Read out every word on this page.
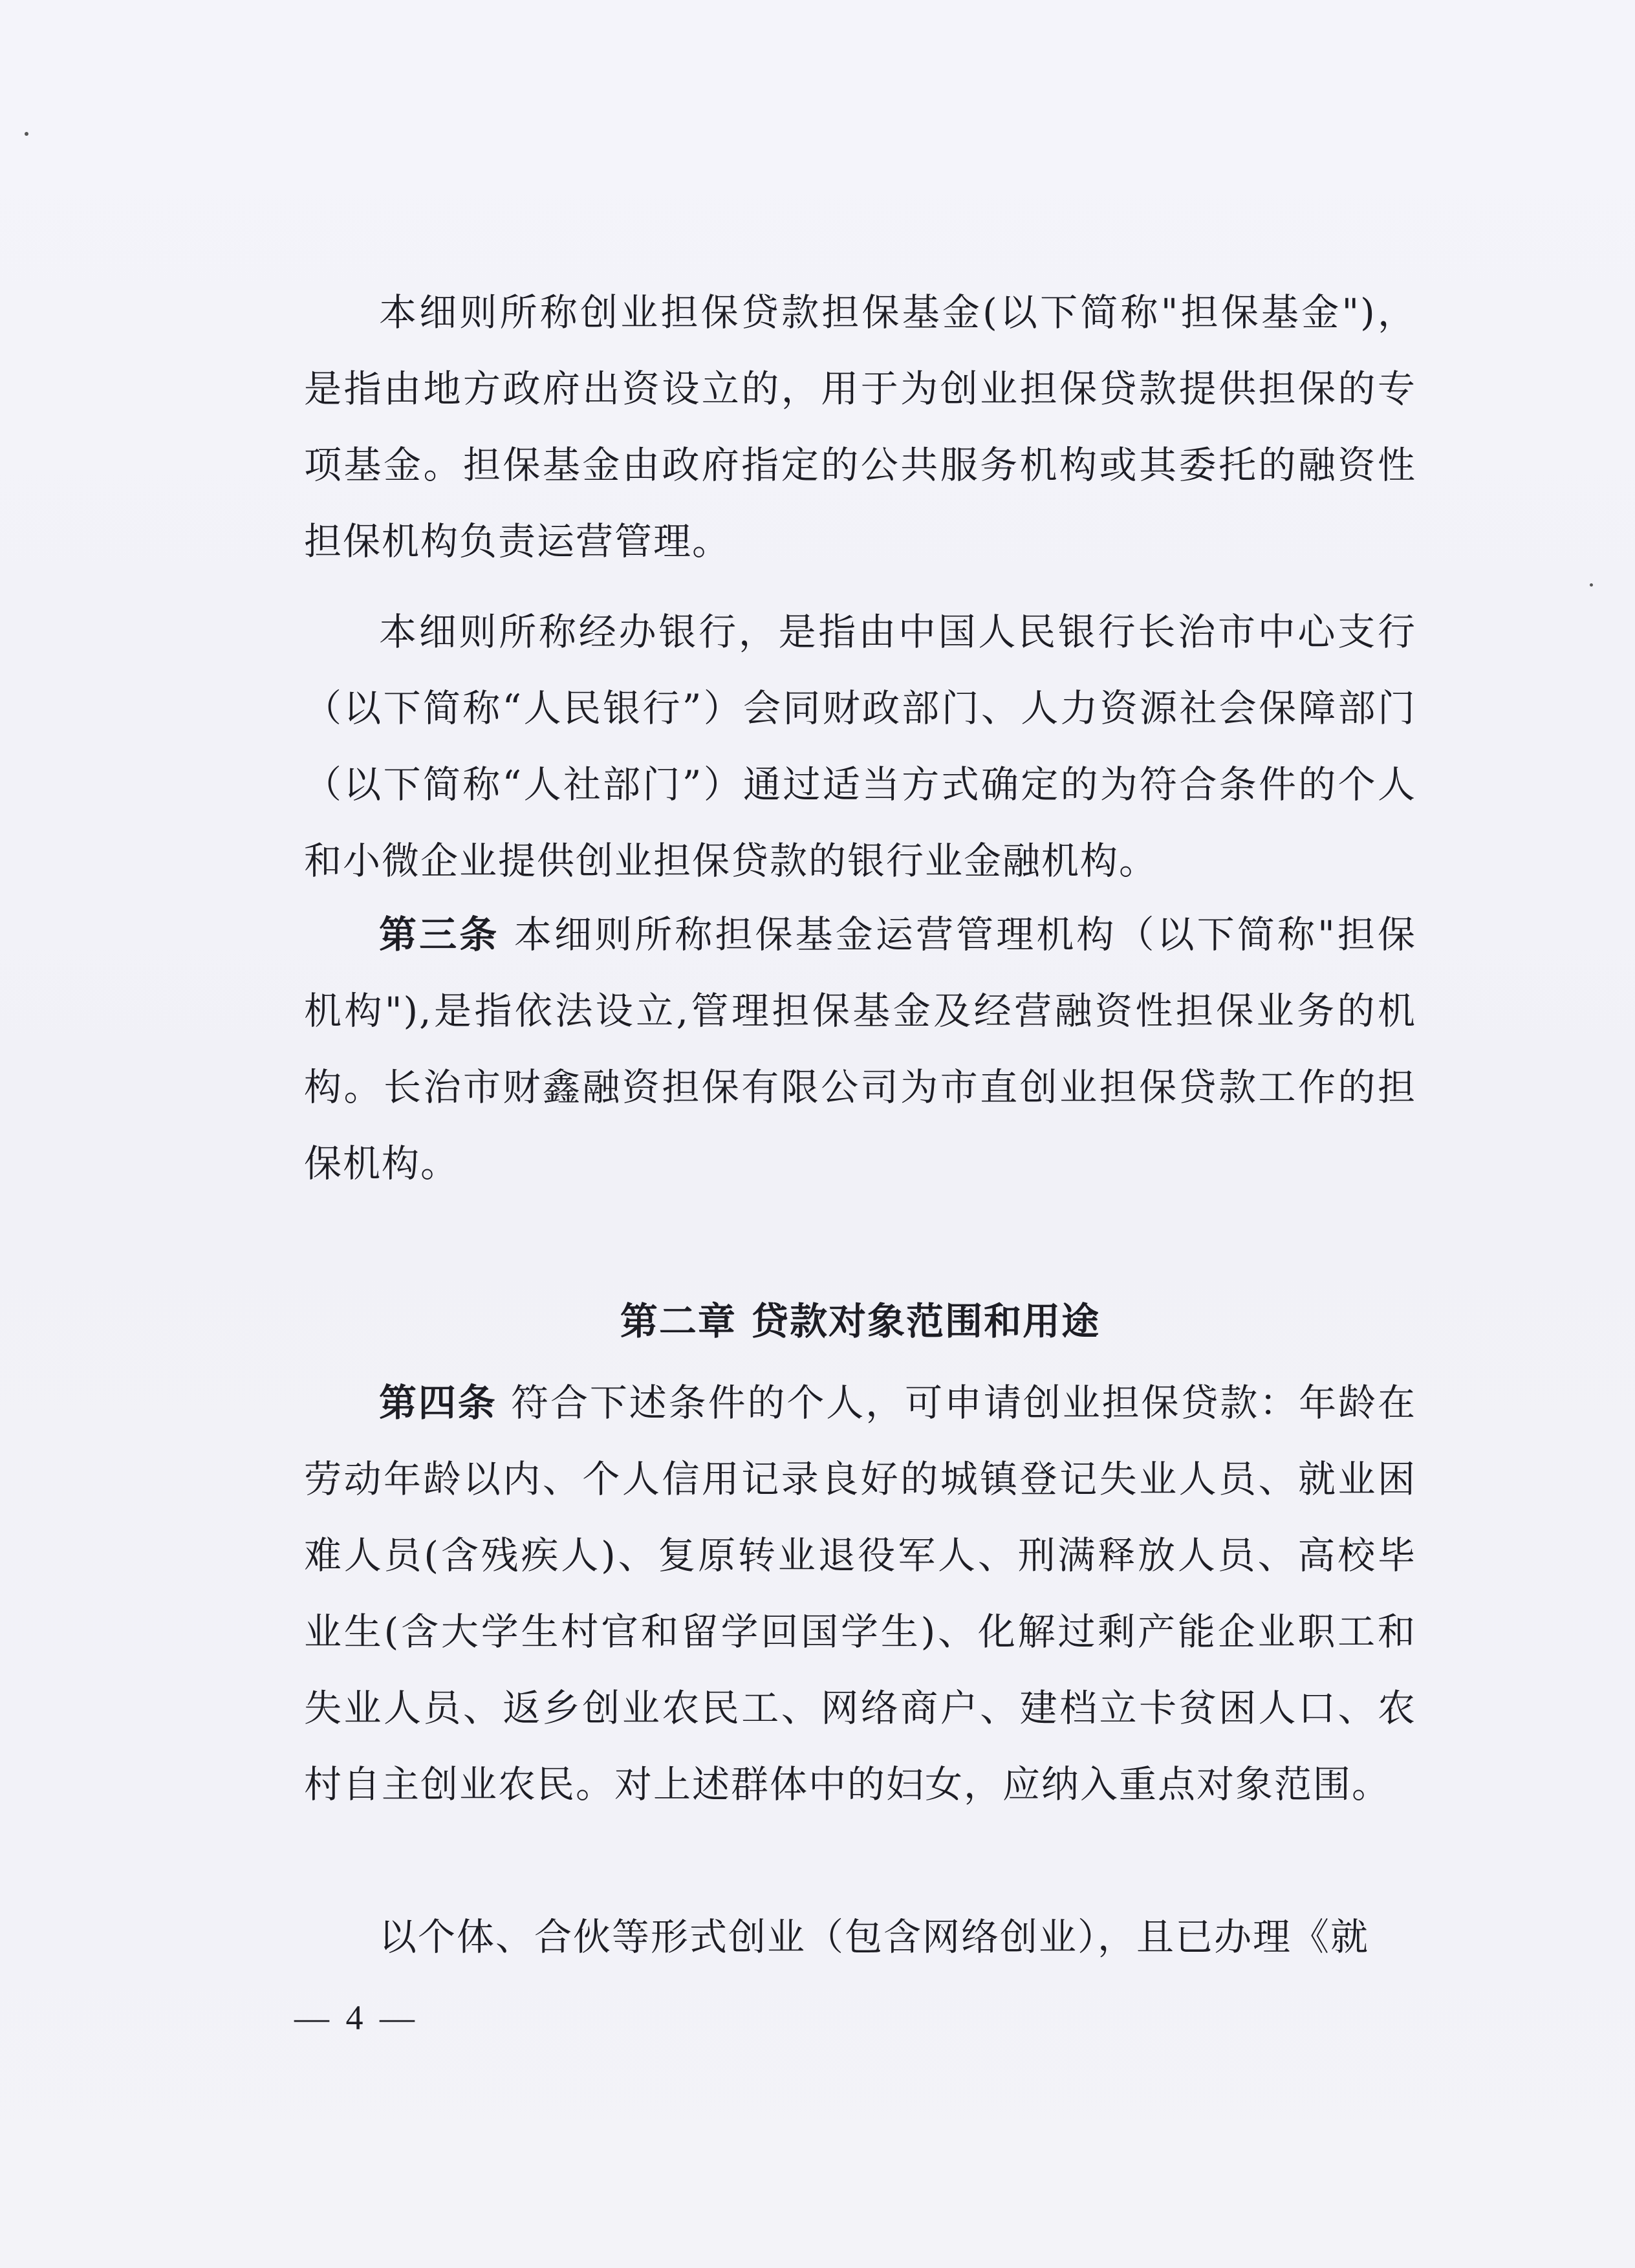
本细则所称创业担保贷款担保基金(以下简称"担保基金")，是指由地方政府出资设立的，用于为创业担保贷款提供担保的专项基金。担保基金由政府指定的公共服务机构或其委托的融资性担保机构负责运营管理。

本细则所称经办银行，是指由中国人民银行长治市中心支行（以下简称“人民银行”）会同财政部门、人力资源社会保障部门（以下简称“人社部门”）通过适当方式确定的为符合条件的个人和小微企业提供创业担保贷款的银行业金融机构。

第三条 本细则所称担保基金运营管理机构（以下简称"担保机构"),是指依法设立,管理担保基金及经营融资性担保业务的机构。长治市财鑫融资担保有限公司为市直创业担保贷款工作的担保机构。

第二章 贷款对象范围和用途

第四条 符合下述条件的个人，可申请创业担保贷款：年龄在劳动年龄以内、个人信用记录良好的城镇登记失业人员、就业困难人员(含残疾人)、复原转业退役军人、刑满释放人员、高校毕业生(含大学生村官和留学回国学生)、化解过剩产能企业职工和失业人员、返乡创业农民工、网络商户、建档立卡贫困人口、农村自主创业农民。对上述群体中的妇女，应纳入重点对象范围。

以个体、合伙等形式创业（包含网络创业），且已办理《就

— 4 —
